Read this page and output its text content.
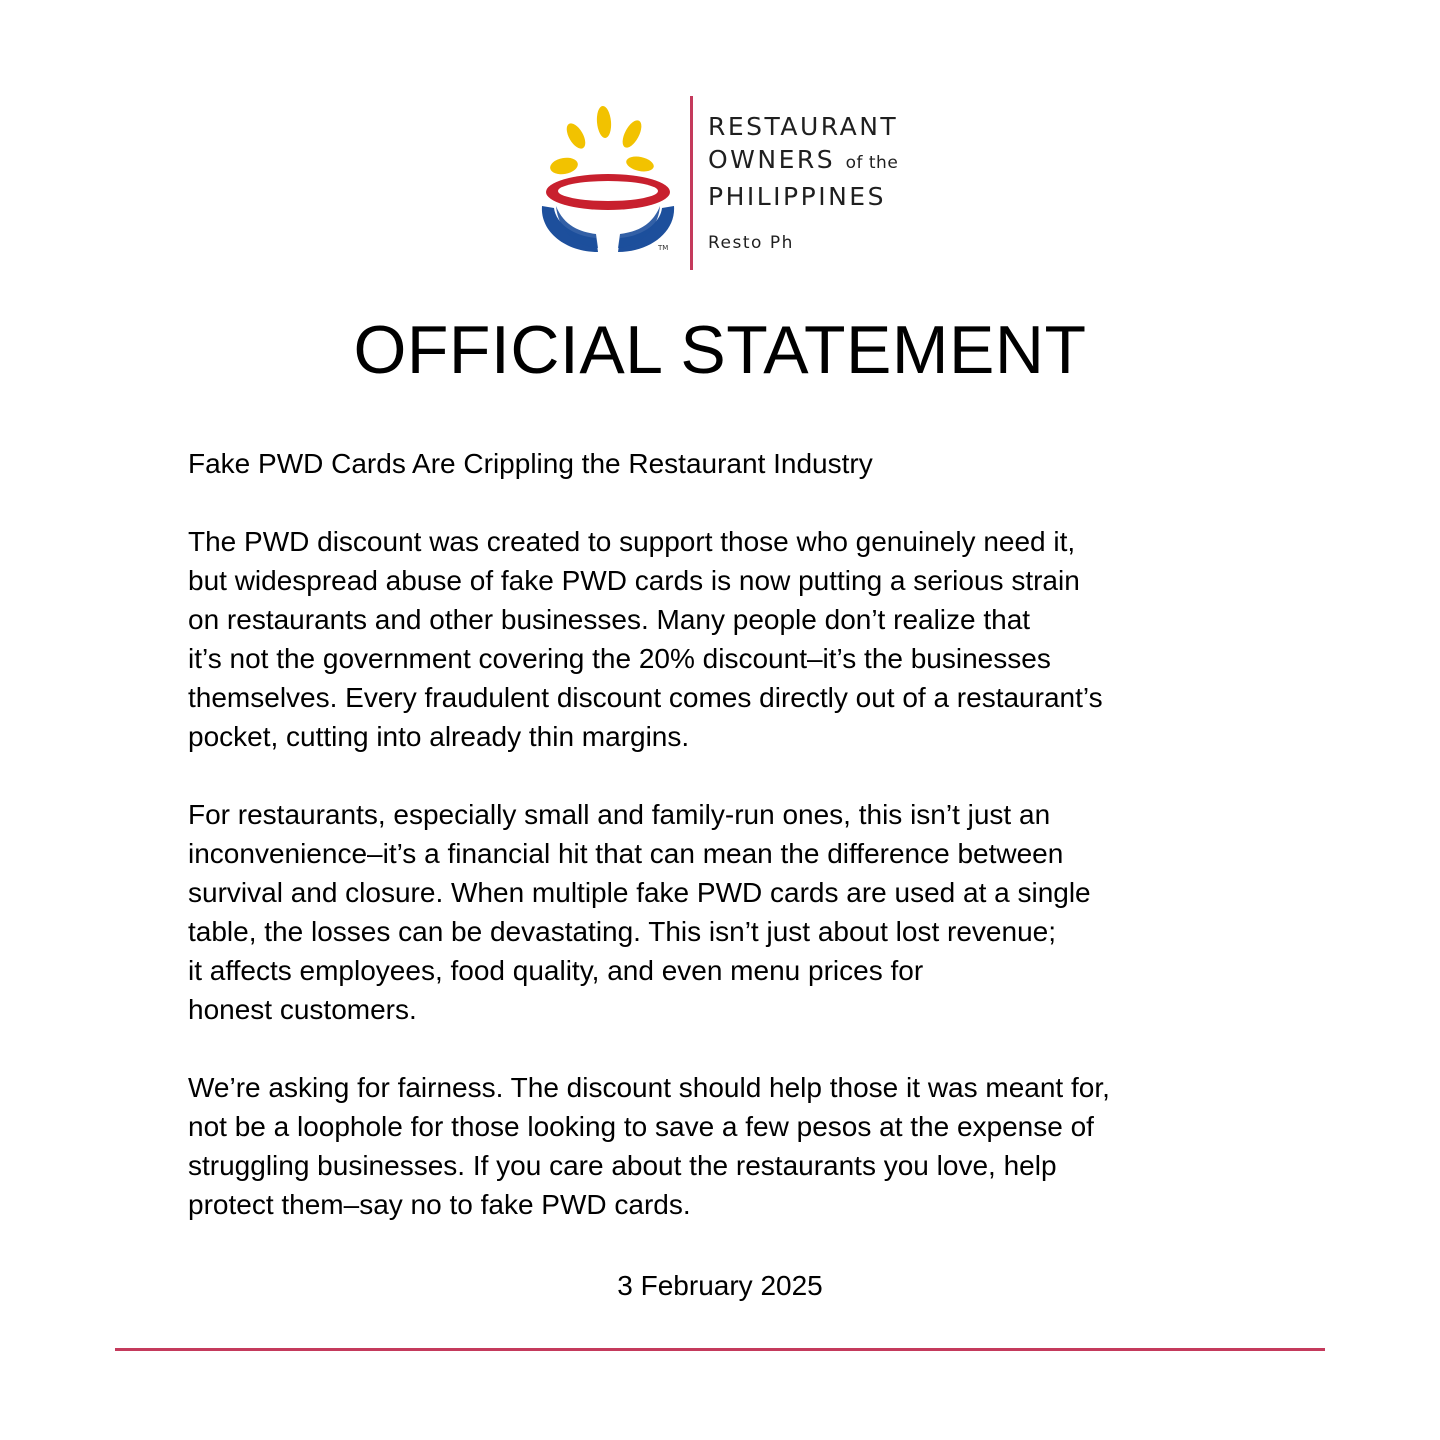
TM
RESTAURANT
OWNERS of the
PHILIPPINES
Resto Ph
OFFICIAL STATEMENT

Fake PWD Cards Are Crippling the Restaurant Industry

The PWD discount was created to support those who genuinely need it,
but widespread abuse of fake PWD cards is now putting a serious strain
on restaurants and other businesses. Many people don’t realize that
it’s not the government covering the 20% discount–it’s the businesses
themselves. Every fraudulent discount comes directly out of a restaurant’s
pocket, cutting into already thin margins.

For restaurants, especially small and family-run ones, this isn’t just an
inconvenience–it’s a financial hit that can mean the difference between
survival and closure. When multiple fake PWD cards are used at a single
table, the losses can be devastating. This isn’t just about lost revenue;
it affects employees, food quality, and even menu prices for
honest customers.

We’re asking for fairness. The discount should help those it was meant for,
not be a loophole for those looking to save a few pesos at the expense of
struggling businesses. If you care about the restaurants you love, help
protect them–say no to fake PWD cards.

3 February 2025
